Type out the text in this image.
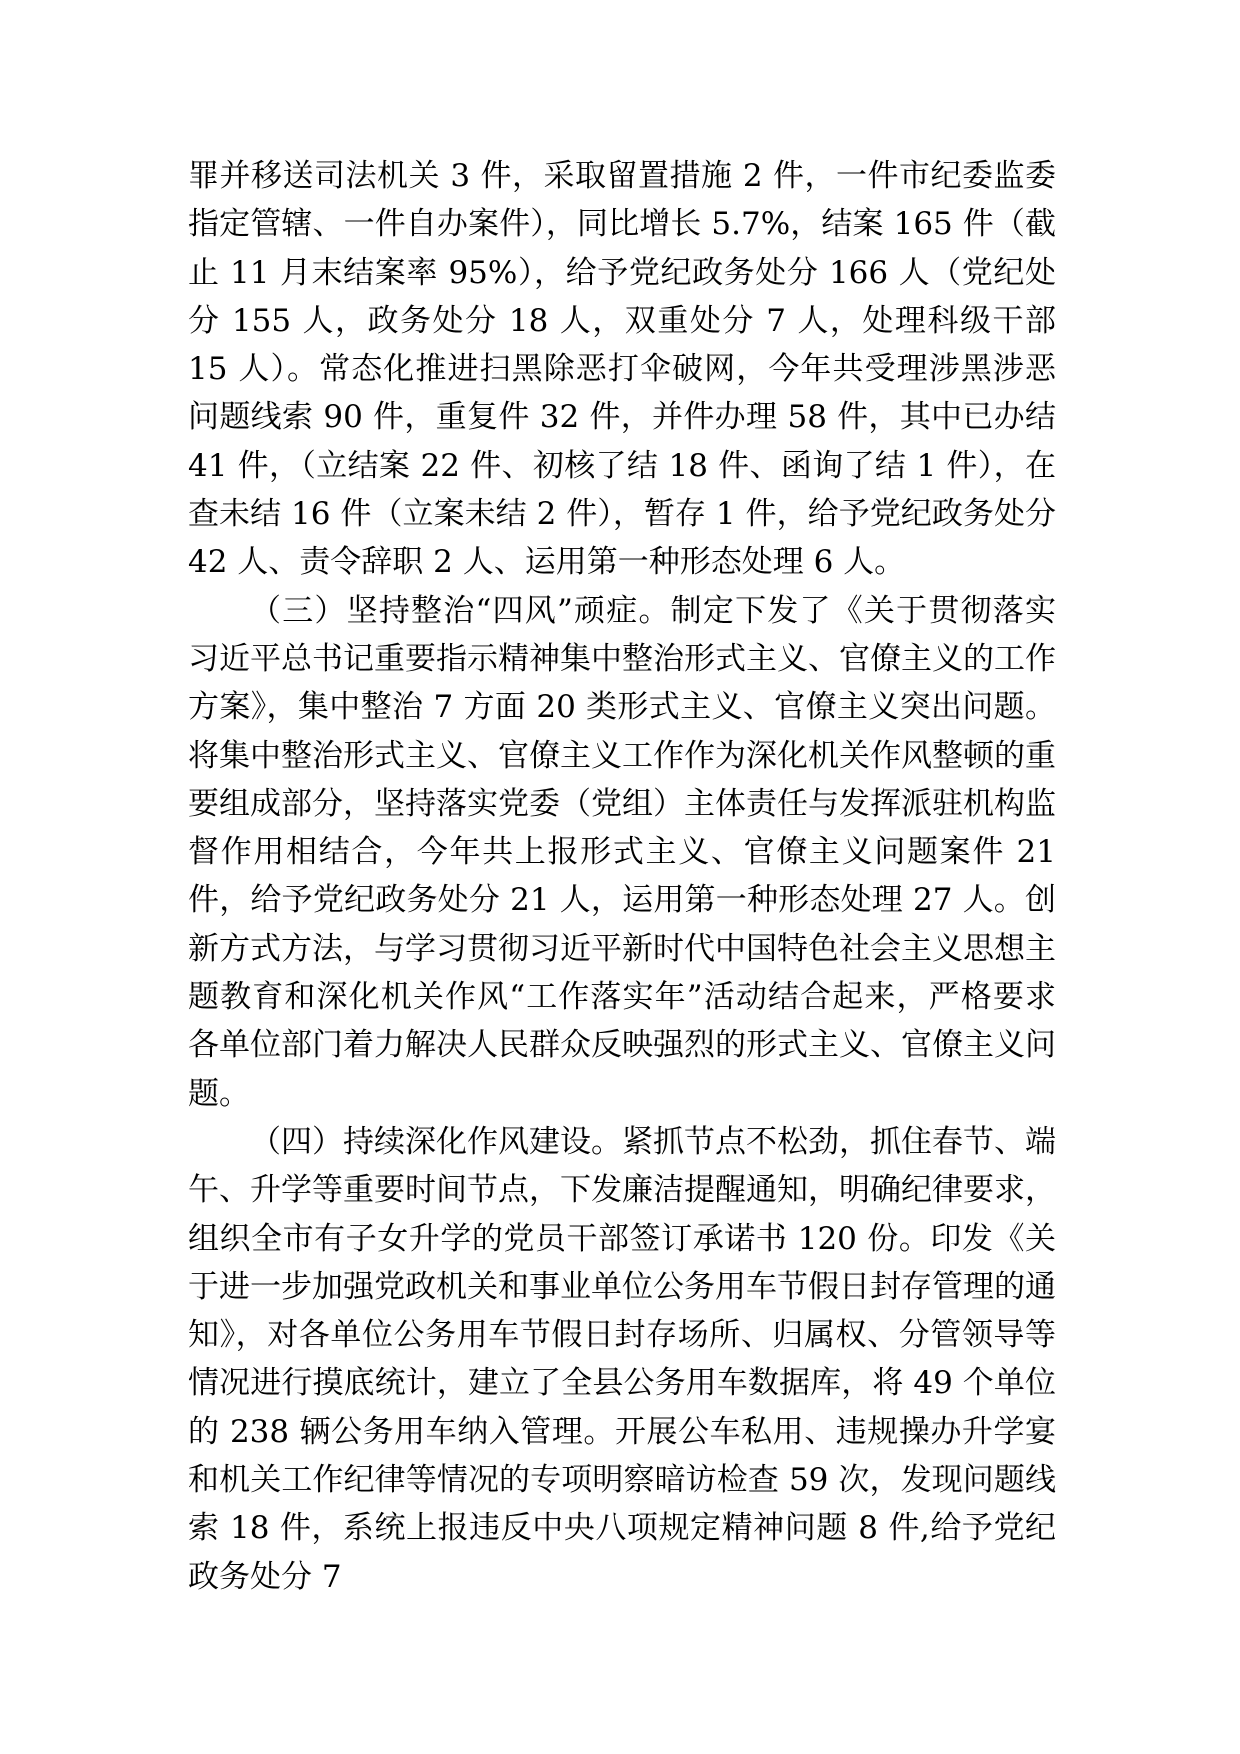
罪并移送司法机关 3 件，采取留置措施 2 件，一件市纪委监委指定管辖、一件自办案件），同比增长 5.7%，结案 165 件（截止 11 月末结案率 95%），给予党纪政务处分 166 人（党纪处分 155 人，政务处分 18 人，双重处分 7 人，处理科级干部 15 人）。常态化推进扫黑除恶打伞破网，今年共受理涉黑涉恶问题线索 90 件，重复件 32 件，并件办理 58 件，其中已办结 41 件，（立结案 22 件、初核了结 18 件、函询了结 1 件），在查未结 16 件（立案未结 2 件），暂存 1 件，给予党纪政务处分 42 人、责令辞职 2 人、运用第一种形态处理 6 人。

（三）坚持整治“四风”顽症。制定下发了《关于贯彻落实习近平总书记重要指示精神集中整治形式主义、官僚主义的工作方案》，集中整治 7 方面 20 类形式主义、官僚主义突出问题。将集中整治形式主义、官僚主义工作作为深化机关作风整顿的重要组成部分，坚持落实党委（党组）主体责任与发挥派驻机构监督作用相结合，今年共上报形式主义、官僚主义问题案件 21 件，给予党纪政务处分 21 人，运用第一种形态处理 27 人。创新方式方法，与学习贯彻习近平新时代中国特色社会主义思想主题教育和深化机关作风“工作落实年”活动结合起来，严格要求各单位部门着力解决人民群众反映强烈的形式主义、官僚主义问题。

（四）持续深化作风建设。紧抓节点不松劲，抓住春节、端午、升学等重要时间节点，下发廉洁提醒通知，明确纪律要求，组织全市有子女升学的党员干部签订承诺书 120 份。印发《关于进一步加强党政机关和事业单位公务用车节假日封存管理的通知》，对各单位公务用车节假日封存场所、归属权、分管领导等情况进行摸底统计，建立了全县公务用车数据库，将 49 个单位的 238 辆公务用车纳入管理。开展公车私用、违规操办升学宴和机关工作纪律等情况的专项明察暗访检查 59 次，发现问题线索 18 件，系统上报违反中央八项规定精神问题 8 件,给予党纪政务处分 7
